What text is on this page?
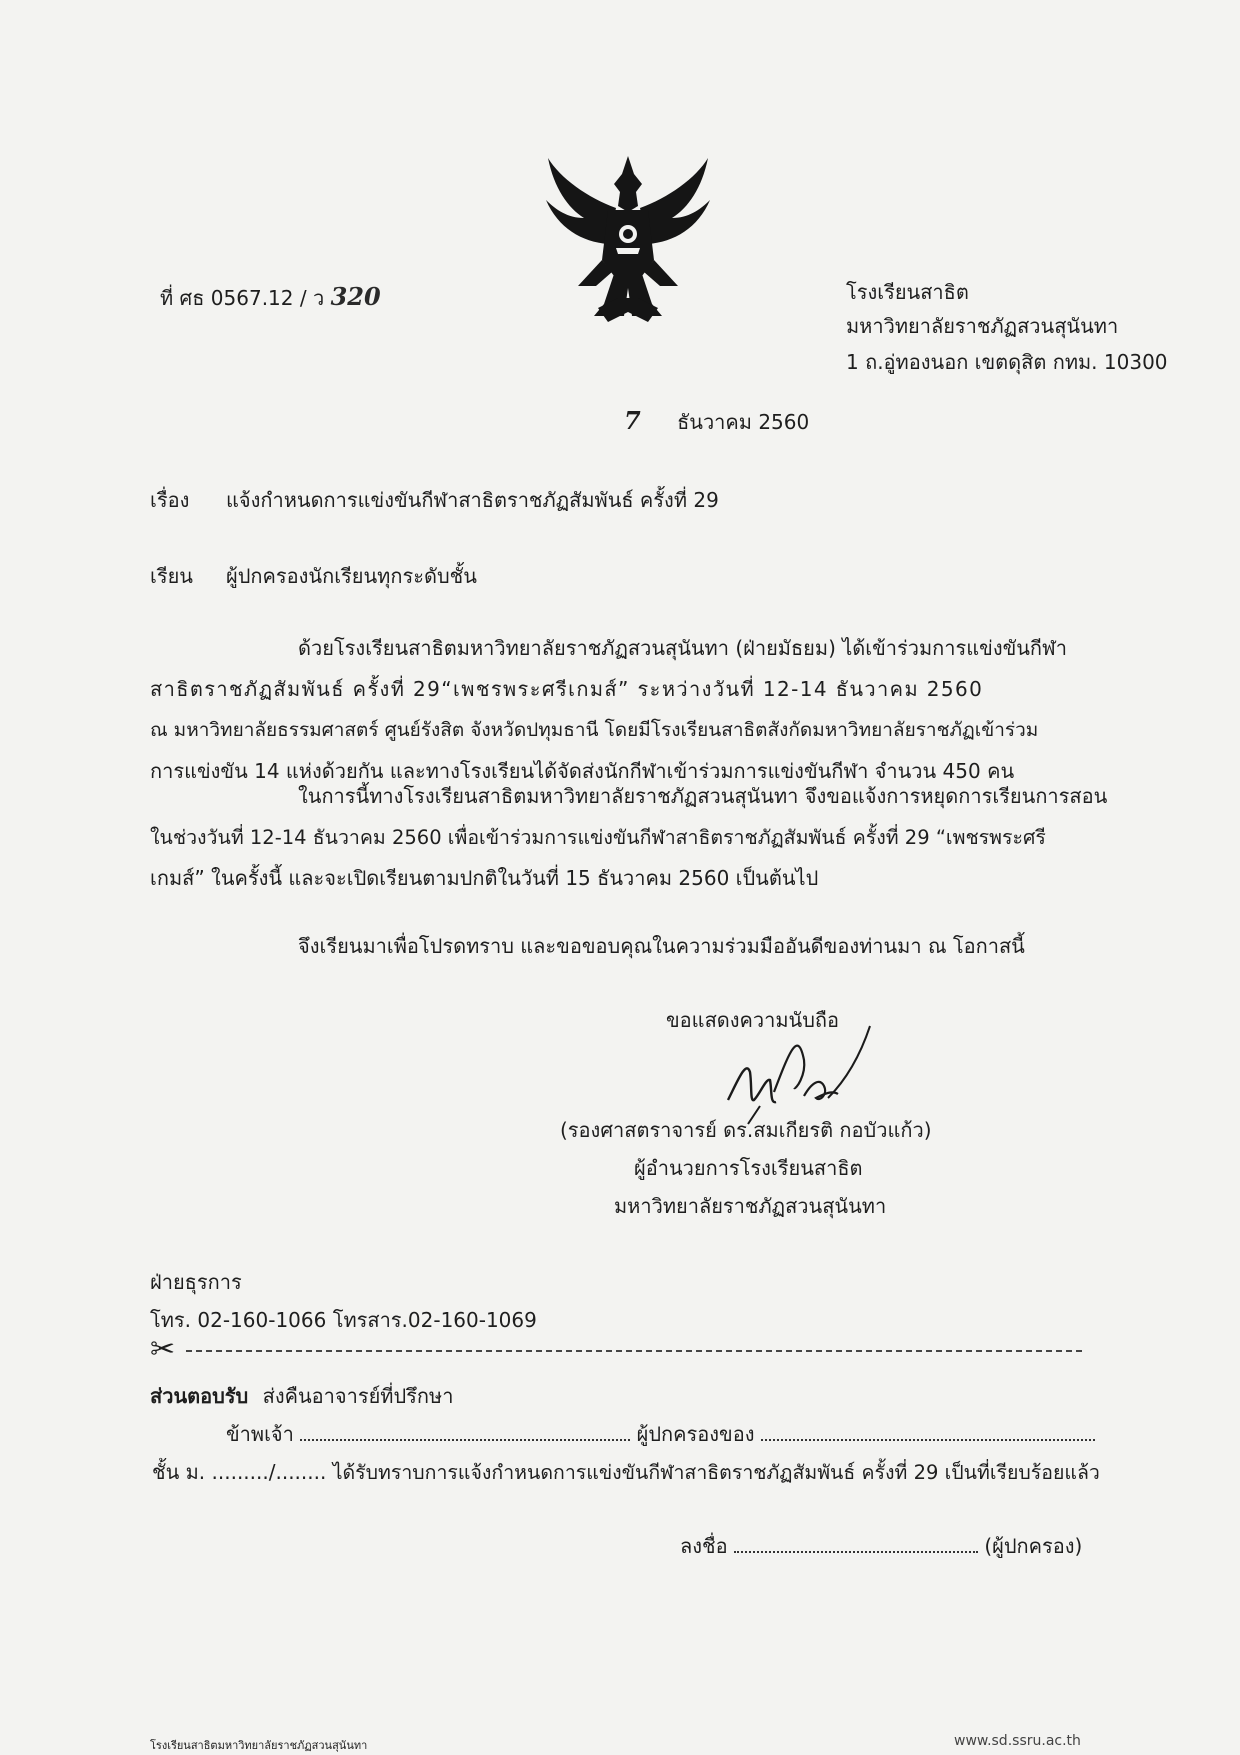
ที่ ศธ 0567.12 / ว 320	โรงเรียนสาธิต
มหาวิทยาลัยราชภัฏสวนสุนันทา
1 ถ.อู่ทองนอก เขตดุสิต กทม. 10300
7 ธันวาคม 2560
เรื่อง แจ้งกำหนดการแข่งขันกีฬาสาธิตราชภัฏสัมพันธ์ ครั้งที่ 29
เรียน ผู้ปกครองนักเรียนทุกระดับชั้น
ด้วยโรงเรียนสาธิตมหาวิทยาลัยราชภัฏสวนสุนันทา (ฝ่ายมัธยม) ได้เข้าร่วมการแข่งขันกีฬา
สาธิตราชภัฏสัมพันธ์ ครั้งที่ 29“เพชรพระศรีเกมส์” ระหว่างวันที่ 12-14 ธันวาคม 2560
ณ มหาวิทยาลัยธรรมศาสตร์ ศูนย์รังสิต จังหวัดปทุมธานี โดยมีโรงเรียนสาธิตสังกัดมหาวิทยาลัยราชภัฏเข้าร่วม
การแข่งขัน 14 แห่งด้วยกัน และทางโรงเรียนได้จัดส่งนักกีฬาเข้าร่วมการแข่งขันกีฬา จำนวน 450 คน
ในการนี้ทางโรงเรียนสาธิตมหาวิทยาลัยราชภัฏสวนสุนันทา จึงขอแจ้งการหยุดการเรียนการสอน
ในช่วงวันที่ 12-14 ธันวาคม 2560 เพื่อเข้าร่วมการแข่งขันกีฬาสาธิตราชภัฏสัมพันธ์ ครั้งที่ 29 “เพชรพระศรี
เกมส์” ในครั้งนี้ และจะเปิดเรียนตามปกติในวันที่ 15 ธันวาคม 2560 เป็นต้นไป
จึงเรียนมาเพื่อโปรดทราบ และขอขอบคุณในความร่วมมืออันดีของท่านมา ณ โอกาสนี้
ขอแสดงความนับถือ
(รองศาสตราจารย์ ดร.สมเกียรติ กอบัวแก้ว)
ผู้อำนวยการโรงเรียนสาธิต
มหาวิทยาลัยราชภัฏสวนสุนันทา
ฝ่ายธุรการ
โทร. 02-160-1066 โทรสาร.02-160-1069
✂
ส่วนตอบรับ ส่งคืนอาจารย์ที่ปรึกษา
ข้าพเจ้า	ผู้ปกครองของ
ชั้น ม. ........./........ ได้รับทราบการแจ้งกำหนดการแข่งขันกีฬาสาธิตราชภัฏสัมพันธ์ ครั้งที่ 29 เป็นที่เรียบร้อยแล้ว
ลงชื่อ	(ผู้ปกครอง)
โรงเรียนสาธิตมหาวิทยาลัยราชภัฏสวนสุนันทา	www.sd.ssru.ac.th
